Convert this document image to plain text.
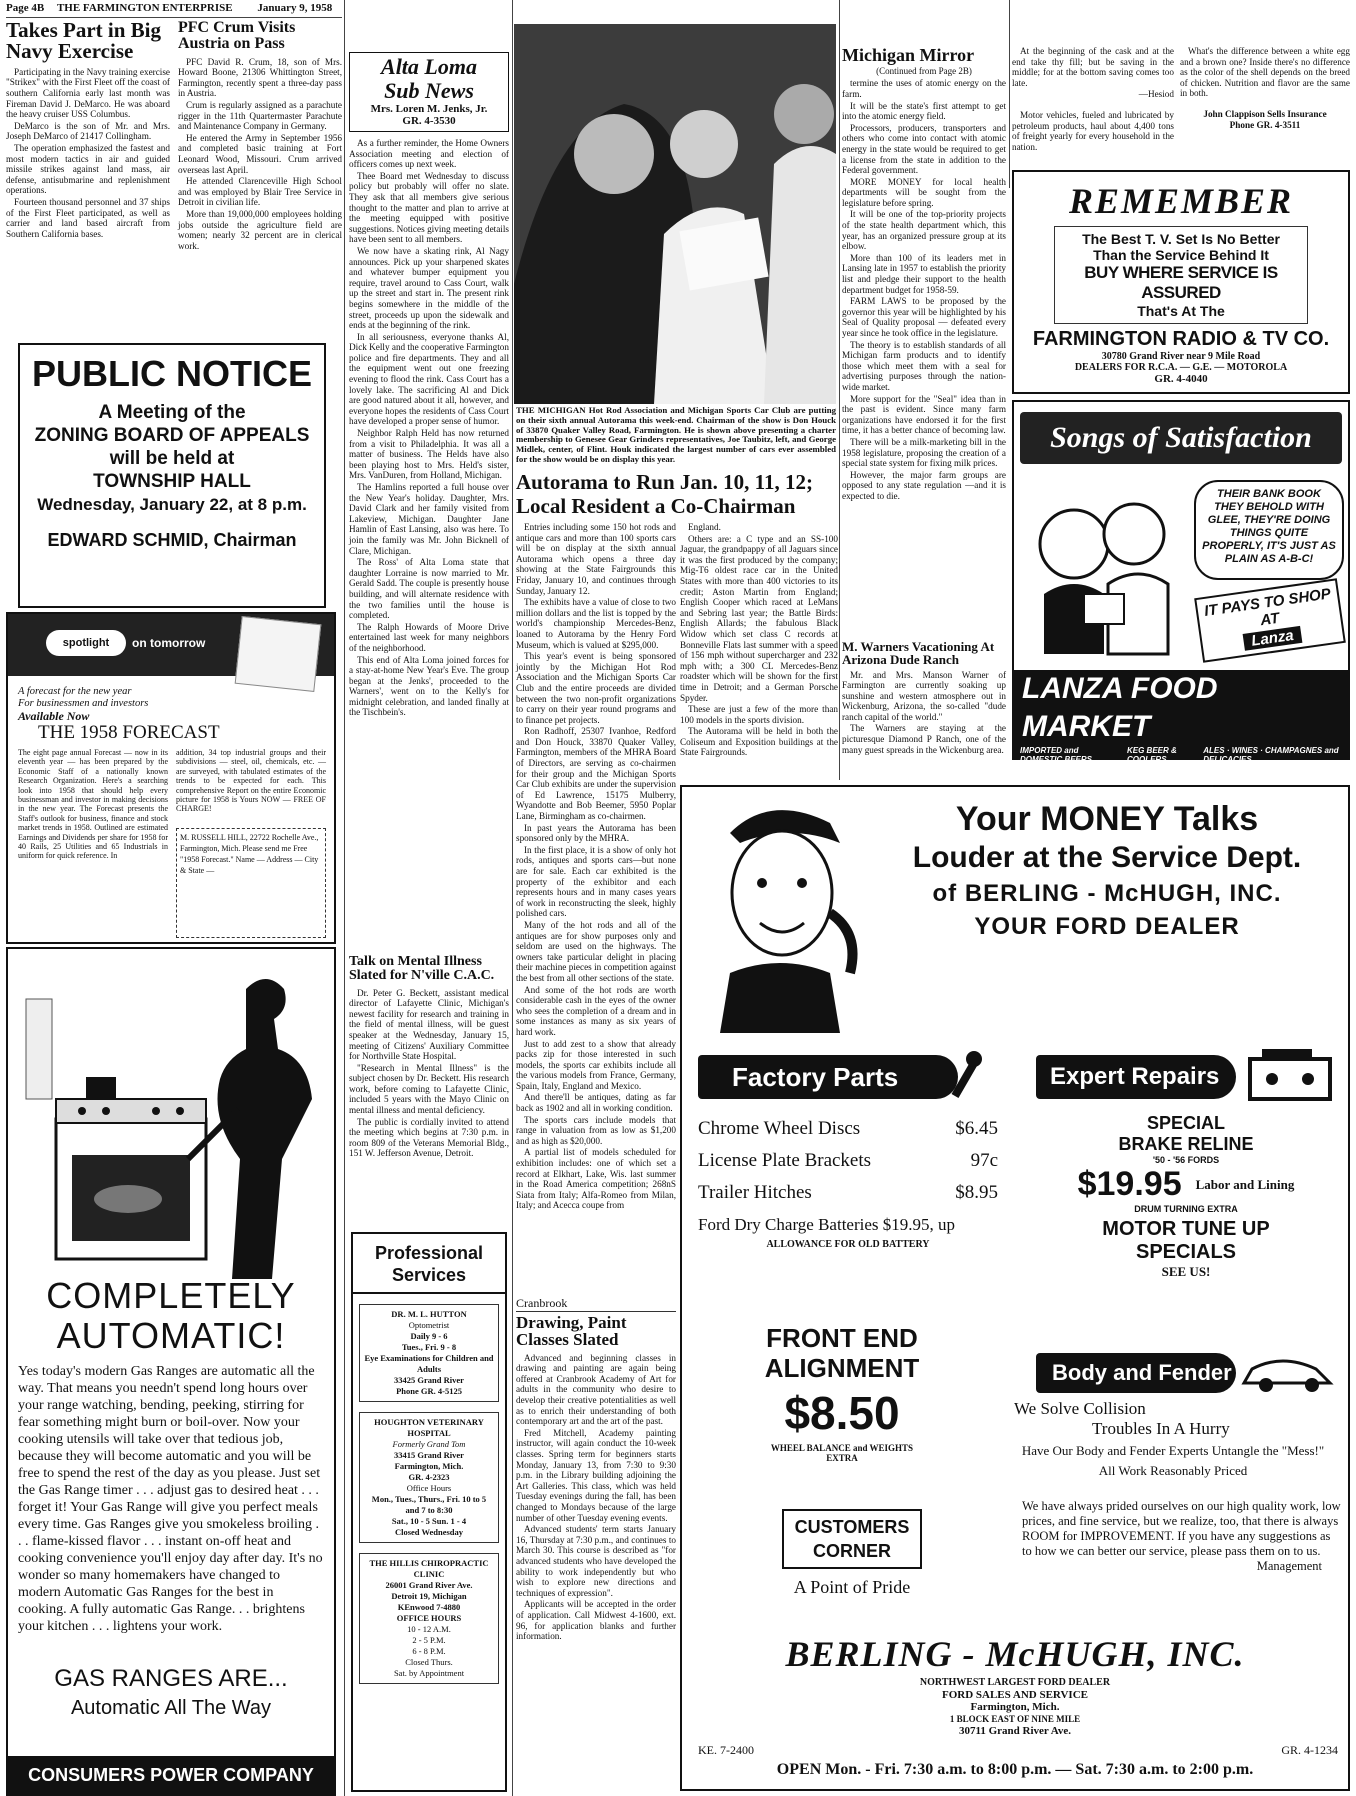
Page 4B THE FARMINGTON ENTERPRISE January 9, 1958
Takes Part in Big Navy Exercise

Participating in the Navy training exercise "Strikex" with the First Fleet off the coast of southern California early last month was Fireman David J. DeMarco. He was aboard the heavy cruiser USS Columbus.

DeMarco is the son of Mr. and Mrs. Joseph DeMarco of 21417 Collingham.

The operation emphasized the fastest and most modern tactics in air and guided missile strikes against land mass, air defense, antisubmarine and replenishment operations.

Fourteen thousand personnel and 37 ships of the First Fleet participated, as well as carrier and land based aircraft from Southern California bases.

PFC Crum Visits Austria on Pass

PFC David R. Crum, 18, son of Mrs. Howard Boone, 21306 Whittington Street, Farmington, recently spent a three-day pass in Austria.

Crum is regularly assigned as a parachute rigger in the 11th Quartermaster Parachute and Maintenance Company in Germany.

He entered the Army in September 1956 and completed basic training at Fort Leonard Wood, Missouri. Crum arrived overseas last April.

He attended Clarenceville High School and was employed by Blair Tree Service in Detroit in civilian life.

More than 19,000,000 employees holding jobs outside the agriculture field are women; nearly 32 percent are in clerical work.

PUBLIC NOTICE
A Meeting of the
ZONING BOARD OF APPEALS
will be held at
TOWNSHIP HALL
Wednesday, January 22, at 8 p.m.
EDWARD SCHMID, Chairman
spotlight	on tomorrow
A forecast for the new year
For businessmen and investors
Available Now
THE 1958 FORECAST
The eight page annual Forecast — now in its eleventh year — has been prepared by the Economic Staff of a nationally known Research Organization. Here's a searching look into 1958 that should help every businessman and investor in making decisions in the new year. The Forecast presents the Staff's outlook for business, finance and stock market trends in 1958. Outlined are estimated Earnings and Dividends per share for 1958 for 40 Rails, 25 Utilities and 65 Industrials in uniform for quick reference. In
addition, 34 top industrial groups and their subdivisions — steel, oil, chemicals, etc. — are surveyed, with tabulated estimates of the trends to be expected for each. This comprehensive Report on the entire Economic picture for 1958 is Yours NOW — FREE OF CHARGE!
M. RUSSELL HILL, 22722 Rochelle Ave., Farmington, Mich. Please send me Free "1958 Forecast." Name — Address — City & State —
COMPLETELY
AUTOMATIC!
Yes today's modern Gas Ranges are automatic all the way. That means you needn't spend long hours over your range watching, bending, peeking, stirring for fear something might burn or boil-over. Now your cooking utensils will take over that tedious job, because they will become automatic and you will be free to spend the rest of the day as you please. Just set the Gas Range timer . . . adjust gas to desired heat . . . forget it! Your Gas Range will give you perfect meals every time. Gas Ranges give you smokeless broiling . . . flame-kissed flavor . . . instant on-off heat and cooking convenience you'll enjoy day after day. It's no wonder so many homemakers have changed to modern Automatic Gas Ranges for the best in cooking. A fully automatic Gas Range. . . brightens your kitchen . . . lightens your work.
GAS RANGES ARE...
Automatic All The Way
CONSUMERS POWER COMPANY
Alta Loma
Sub News
Mrs. Loren M. Jenks, Jr.
GR. 4-3530

As a further reminder, the Home Owners Association meeting and election of officers comes up next week.

Thee Board met Wednesday to discuss policy but probably will offer no slate. They ask that all members give serious thought to the matter and plan to arrive at the meeting equipped with positive suggestions. Notices giving meeting details have been sent to all members.

We now have a skating rink, Al Nagy announces. Pick up your sharpened skates and whatever bumper equipment you require, travel around to Cass Court, walk up the street and start in. The present rink begins somewhere in the middle of the street, proceeds up upon the sidewalk and ends at the beginning of the rink.

In all seriousness, everyone thanks Al, Dick Kelly and the cooperative Farmington police and fire departments. They and all the equipment went out one freezing evening to flood the rink. Cass Court has a lovely lake. The sacrificing Al and Dick are good natured about it all, however, and everyone hopes the residents of Cass Court have developed a proper sense of humor.

Neighbor Ralph Held has now returned from a visit to Philadelphia. It was all a matter of business. The Helds have also been playing host to Mrs. Held's sister, Mrs. VanDuren, from Holland, Michigan.

The Hamlins reported a full house over the New Year's holiday. Daughter, Mrs. David Clark and her family visited from Lakeview, Michigan. Daughter Jane Hamlin of East Lansing, also was here. To join the family was Mr. John Bicknell of Clare, Michigan.

The Ross' of Alta Loma state that daughter Lorraine is now married to Mr. Gerald Sadd. The couple is presently house building, and will alternate residence with the two families until the house is completed.

The Ralph Howards of Moore Drive entertained last week for many neighbors of the neighborhood.

This end of Alta Loma joined forces for a stay-at-home New Year's Eve. The group began at the Jenks', proceeded to the Warners', went on to the Kelly's for midnight celebration, and landed finally at the Tischbein's.

Talk on Mental Illness Slated for N'ville C.A.C.

Dr. Peter G. Beckett, assistant medical director of Lafayette Clinic, Michigan's newest facility for research and training in the field of mental illness, will be guest speaker at the Wednesday, January 15, meeting of Citizens' Auxiliary Committee for Northville State Hospital.

"Research in Mental Illness" is the subject chosen by Dr. Beckett. His research work, before coming to Lafayette Clinic, included 5 years with the Mayo Clinic on mental illness and mental deficiency.

The public is cordially invited to attend the meeting which begins at 7:30 p.m. in room 809 of the Veterans Memorial Bldg., 151 W. Jefferson Avenue, Detroit.

Professional Services
DR. M. L. HUTTON
Optometrist
Daily 9 - 6
Tues., Fri. 9 - 8
Eye Examinations for Children and Adults
33425 Grand River
Phone GR. 4-5125
HOUGHTON VETERINARY HOSPITAL
Formerly Grand Tom
33415 Grand River
Farmington, Mich.
GR. 4-2323
Office Hours
Mon., Tues., Thurs., Fri. 10 to 5 and 7 to 8:30
Sat., 10 - 5 Sun. 1 - 4
Closed Wednesday
THE HILLIS CHIROPRACTIC CLINIC
26001 Grand River Ave.
Detroit 19, Michigan
KEnwood 7-4880
OFFICE HOURS
10 - 12 A.M.
2 - 5 P.M.
6 - 8 P.M.
Closed Thurs.
Sat. by Appointment
THE MICHIGAN Hot Rod Association and Michigan Sports Car Club are putting on their sixth annual Autorama this week-end. Chairman of the show is Don Houck of 33870 Quaker Valley Road, Farmington. He is shown above presenting a charter membership to Genesee Gear Grinders representatives, Joe Taubitz, left, and George Midlek, center, of Flint. Houk indicated the largest number of cars ever assembled for the show would be on display this year.
Autorama to Run Jan. 10, 11, 12; Local Resident a Co-Chairman

Entries including some 150 hot rods and antique cars and more than 100 sports cars will be on display at the sixth annual Autorama which opens a three day showing at the State Fairgrounds this Friday, January 10, and continues through Sunday, January 12.

The exhibits have a value of close to two million dollars and the list is topped by the world's championship Mercedes-Benz, loaned to Autorama by the Henry Ford Museum, which is valued at $295,000.

This year's event is being sponsored jointly by the Michigan Hot Rod Association and the Michigan Sports Car Club and the entire proceeds are divided between the two non-profit organizations to carry on their year round programs and to finance pet projects.

Ron Radhoff, 25307 Ivanhoe, Redford and Don Houck, 33870 Quaker Valley, Farmington, members of the MHRA Board of Directors, are serving as co-chairmen for their group and the Michigan Sports Car Club exhibits are under the supervision of Ed Lawrence, 15175 Mulberry, Wyandotte and Bob Beemer, 5950 Poplar Lane, Birmingham as co-chairmen.

In past years the Autorama has been sponsored only by the MHRA.

In the first place, it is a show of only hot rods, antiques and sports cars—but none are for sale. Each car exhibited is the property of the exhibitor and each represents hours and in many cases years of work in reconstructing the sleek, highly polished cars.

Many of the hot rods and all of the antiques are for show purposes only and seldom are used on the highways. The owners take particular delight in placing their machine pieces in competition against the best from all other sections of the state.

And some of the hot rods are worth considerable cash in the eyes of the owner who sees the completion of a dream and in some instances as many as six years of hard work.

Just to add zest to a show that already packs zip for those interested in such models, the sports car exhibits include all the various models from France, Germany, Spain, Italy, England and Mexico.

And there'll be antiques, dating as far back as 1902 and all in working condition.

The sports cars include models that range in valuation from as low as $1,200 and as high as $20,000.

A partial list of models scheduled for exhibition includes: one of which set a record at Elkhart, Lake, Wis. last summer in the Road America competition; 268nS Siata from Italy; Alfa-Romeo from Milan, Italy; and Acecca coupe from

England.

Others are: a C type and an SS-100 Jaguar, the grandpappy of all Jaguars since it was the first produced by the company; Mig-T6 oldest race car in the United States with more than 400 victories to its credit; Aston Martin from England; English Cooper which raced at LeMans and Sebring last year; the Battle Birds: English Allards; the fabulous Black Widow which set class C records at Bonneville Flats last summer with a speed of 156 mph without supercharger and 232 mph with; a 300 CL Mercedes-Benz roadster which will be shown for the first time in Detroit; and a German Porsche Spyder.

These are just a few of the more than 100 models in the sports division.

The Autorama will be held in both the Coliseum and Exposition buildings at the State Fairgrounds.

Cranbrook
Drawing, Paint Classes Slated

Advanced and beginning classes in drawing and painting are again being offered at Cranbrook Academy of Art for adults in the community who desire to develop their creative potentialities as well as to enrich their understanding of both contemporary art and the art of the past.

Fred Mitchell, Academy painting instructor, will again conduct the 10-week classes. Spring term for beginners starts Monday, January 13, from 7:30 to 9:30 p.m. in the Library building adjoining the Art Galleries. This class, which was held Tuesday evenings during the fall, has been changed to Mondays because of the large number of other Tuesday evening events.

Advanced students' term starts January 16, Thursday at 7:30 p.m., and continues to March 30. This course is described as "for advanced students who have developed the ability to work independently but who wish to explore new directions and techniques of expression".

Applicants will be accepted in the order of application. Call Midwest 4-1600, ext. 96, for application blanks and further information.

Michigan Mirror
(Continued from Page 2B)

termine the uses of atomic energy on the farm.

It will be the state's first attempt to get into the atomic energy field.

Processors, producers, transporters and others who come into contact with atomic energy in the state would be required to get a license from the state in addition to the Federal government.

MORE MONEY for local health departments will be sought from the legislature before spring.

It will be one of the top-priority projects of the state health department which, this year, has an organized pressure group at its elbow.

More than 100 of its leaders met in Lansing late in 1957 to establish the priority list and pledge their support to the health department budget for 1958-59.

FARM LAWS to be proposed by the governor this year will be highlighted by his Seal of Quality proposal — defeated every year since he took office in the legislature.

The theory is to establish standards of all Michigan farm products and to identify those which meet them with a seal for advertising purposes through the nation-wide market.

More support for the "Seal" idea than in the past is evident. Since many farm organizations have endorsed it for the first time, it has a better chance of becoming law.

There will be a milk-marketing bill in the 1958 legislature, proposing the creation of a special state system for fixing milk prices.

However, the major farm groups are opposed to any state regulation —and it is expected to die.

M. Warners Vacationing At Arizona Dude Ranch

Mr. and Mrs. Manson Warner of Farmington are currently soaking up sunshine and western atmosphere out in Wickenburg, Arizona, the so-called "dude ranch capital of the world."

The Warners are staying at the picturesque Diamond P Ranch, one of the many guest spreads in the Wickenburg area.

At the beginning of the cask and at the end take thy fill; but be saving in the middle; for at the bottom saving comes too late.

—Hesiod

Motor vehicles, fueled and lubricated by petroleum products, haul about 4,400 tons of freight yearly for every household in the nation.

What's the difference between a white egg and a brown one? Inside there's no difference as the color of the shell depends on the breed of chicken. Nutrition and flavor are the same in both.

John Clappison Sells Insurance
Phone GR. 4-3511
REMEMBER
The Best T. V. Set Is No Better
Than the Service Behind It
BUY WHERE SERVICE IS ASSURED
That's At The
FARMINGTON RADIO & TV CO.
30780 Grand River near 9 Mile Road
DEALERS FOR R.C.A. — G.E. — MOTOROLA
GR. 4-4040
Songs of Satisfaction
THEIR BANK BOOK THEY BEHOLD WITH GLEE, THEY'RE DOING THINGS QUITE PROPERLY, IT'S JUST AS PLAIN AS A-B-C!
IT PAYS TO SHOP AT
Lanza
LANZA FOOD MARKET
IMPORTED and DOMESTIC BEERS
KEG BEER & COOLERS
ALES · WINES · CHAMPAGNES and DELICACIES
GR 4-5624	30790 GRAND RIVER
Your MONEY Talks
Louder at the Service Dept.
of BERLING - McHUGH, INC.
YOUR FORD DEALER
Factory Parts
Chrome Wheel Discs	$6.45
License Plate Brackets	97c
Trailer Hitches	$8.95
Ford Dry Charge Batteries $19.95, up
ALLOWANCE FOR OLD BATTERY
Expert Repairs
SPECIAL
BRAKE RELINE
'50 - '56 FORDS
$19.95 Labor and Lining
DRUM TURNING EXTRA
MOTOR TUNE UP
SPECIALS
SEE US!
FRONT END
ALIGNMENT
$8.50
WHEEL BALANCE and WEIGHTS EXTRA
CUSTOMERS
CORNER
A Point of Pride
Body and Fender
We Solve Collision
Troubles In A Hurry
Have Our Body and Fender Experts Untangle the "Mess!"
All Work Reasonably Priced
We have always prided ourselves on our high quality work, low prices, and fine service, but we realize, too, that there is always ROOM for IMPROVEMENT. If you have any suggestions as to how we can better our service, please pass them on to us.
Management
BERLING - McHUGH, INC.
NORTHWEST LARGEST FORD DEALER
FORD SALES AND SERVICE
Farmington, Mich.
1 BLOCK EAST OF NINE MILE
30711 Grand River Ave.
KE. 7-2400	GR. 4-1234
OPEN Mon. - Fri. 7:30 a.m. to 8:00 p.m. — Sat. 7:30 a.m. to 2:00 p.m.
